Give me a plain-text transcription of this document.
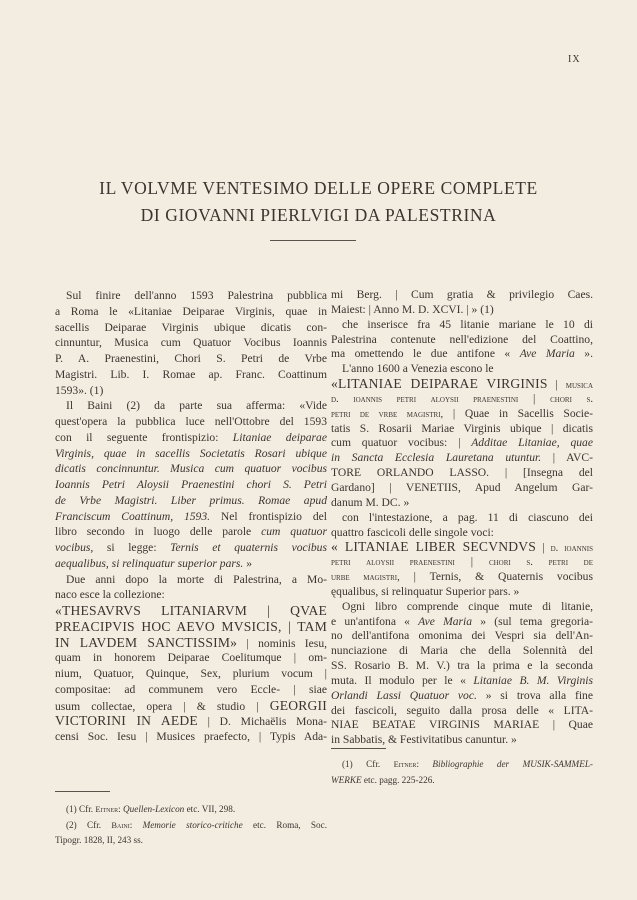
IX
IL VOLVME VENTESIMO DELLE OPERE COMPLETE
DI GIOVANNI PIERLVIGI DA PALESTRINA
Sul finire dell'anno 1593 Palestrina pubblica
a Roma le «Litaniae Deiparae Virginis, quae in
sacellis Deiparae Virginis ubique dicatis con-
cinnuntur, Musica cum Quatuor Vocibus Ioannis
P. A. Praenestini, Chori S. Petri de Vrbe
Magistri. Lib. I. Romae ap. Franc. Coattinum
1593». (1)
Il Baini (2) da parte sua afferma: «Vide
quest'opera la pubblica luce nell'Ottobre del 1593
con il seguente frontispizio: Litaniae deiparae
Virginis, quae in sacellis Societatis Rosari ubique
dicatis concinnuntur. Musica cum quatuor vocibus
Ioannis Petri Aloysii Praenestini chori S. Petri
de Vrbe Magistri. Liber primus. Romae apud
Franciscum Coattinum, 1593. Nel frontispizio del
libro secondo in luogo delle parole cum quatuor
vocibus, si legge: Ternis et quaternis vocibus
aequalibus, si relinquatur superior pars. »
Due anni dopo la morte di Palestrina, a Mo-
naco esce la collezione:
«THESAVRVS LITANIARVM | QVAE
PREACIPVIS HOC AEVO MVSICIS, | TAM
IN LAVDEM SANCTISSIM» | nominis Iesu,
quam in honorem Deiparae Coelitumque | om-
nium, Quatuor, Quinque, Sex, plurium vocum |
compositae: ad communem vero Eccle- | siae
usum collectae, opera | & studio | GEORGII
VICTORINI IN AEDE | D. Michaëlis Mona-
censi Soc. Iesu | Musices praefecto, | Typis Ada-
mi Berg. | Cum gratia & privilegio Caes.
Maiest: | Anno M. D. XCVI. | » (1)
che inserisce fra 45 litanie mariane le 10 di
Palestrina contenute nell'edizione del Coattino,
ma omettendo le due antifone « Ave Maria ».
L'anno 1600 a Venezia escono le
«LITANIAE DEIPARAE VIRGINIS | musica
d. ioannis petri aloysii praenestini | chori s.
petri de vrbe magistri, | Quae in Sacellis Socie-
tatis S. Rosarii Mariae Virginis ubique | dicatis
cum quatuor vocibus: | Additae Litaniae, quae
in Sancta Ecclesia Lauretana utuntur. | AVC-
TORE ORLANDO LASSO. | [Insegna del
Gardano] | VENETIIS, Apud Angelum Gar-
danum M. DC. »
con l'intestazione, a pag. 11 di ciascuno dei
quattro fascicoli delle singole voci:
« LITANIAE LIBER SECVNDVS | d. ioannis
petri aloysii praenestini | chori s. petri de
urbe magistri, | Ternis, & Quaternis vocibus
ęqualibus, si relinquatur Superior pars. »
Ogni libro comprende cinque mute di litanie,
e un'antifona « Ave Maria » (sul tema gregoria-
no dell'antifona omonima dei Vespri sia dell'An-
nunciazione di Maria che della Solennità del
SS. Rosario B. M. V.) tra la prima e la seconda
muta. Il modulo per le « Litaniae B. M. Virginis
Orlandi Lassi Quatuor voc. » si trova alla fine
dei fascicoli, seguito dalla prosa delle « LITA-
NIAE BEATAE VIRGINIS MARIAE | Quae
in Sabbatis, & Festivitatibus canuntur. »
(1) Cfr. Eitner: Quellen-Lexicon etc. VII, 298.
(2) Cfr. Baini: Memorie storico-critiche etc. Roma, Soc.
Tipogr. 1828, II, 243 ss.
(1) Cfr. Eitner: Bibliographie der MUSIK-SAMMEL-
WERKE etc. pagg. 225-226.
